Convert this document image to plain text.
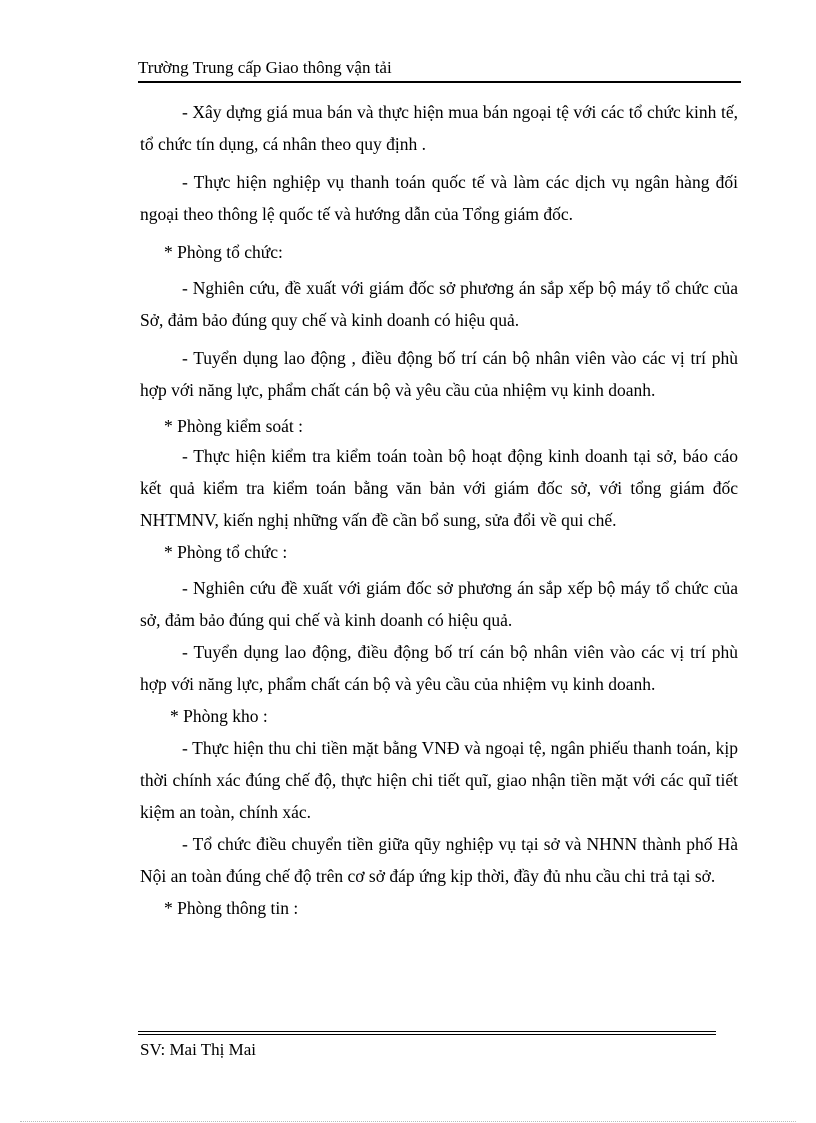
Trường Trung cấp Giao thông vận tải

- Xây dựng giá mua bán và thực hiện mua bán ngoại tệ với các tổ chức kinh tế, tổ chức tín dụng, cá nhân theo quy định .

- Thực hiện nghiệp vụ thanh toán quốc tế và làm các dịch vụ ngân hàng đối ngoại theo thông lệ quốc tế và hướng dẫn của Tổng giám đốc.

* Phòng tổ chức:

- Nghiên cứu, đề xuất với giám đốc sở phương án sắp xếp bộ máy tổ chức của Sở, đảm bảo đúng quy chế và kinh doanh có hiệu quả.

- Tuyển dụng lao động , điều động bố trí cán bộ nhân viên vào các vị trí phù hợp với năng lực, phẩm chất cán bộ và yêu cầu của nhiệm vụ kinh doanh.

* Phòng kiểm soát :

- Thực hiện kiểm tra kiểm toán toàn bộ hoạt động kinh doanh tại sở, báo cáo kết quả kiểm tra kiểm toán bằng văn bản với giám đốc sở, với tổng giám đốc NHTMNV, kiến nghị những vấn đề cần bổ sung, sửa đổi về qui chế.

* Phòng tổ chức :

- Nghiên cứu đề xuất với giám đốc sở phương án sắp xếp bộ máy tổ chức của sở, đảm bảo đúng qui chế và kinh doanh có hiệu quả.

- Tuyển dụng lao động, điều động bố trí cán bộ nhân viên vào các vị trí phù hợp với năng lực, phẩm chất cán bộ và yêu cầu của nhiệm vụ kinh doanh.

* Phòng kho :

- Thực hiện thu chi tiền mặt bằng VNĐ và ngoại tệ, ngân phiếu thanh toán, kịp thời chính xác đúng chế độ, thực hiện chi tiết quĩ, giao nhận tiền mặt với các quĩ tiết kiệm an toàn, chính xác.

- Tổ chức điều chuyển tiền giữa qũy nghiệp vụ tại sở và NHNN thành phố Hà Nội an toàn đúng chế độ trên cơ sở đáp ứng kịp thời, đầy đủ nhu cầu chi trả tại sở.

* Phòng thông tin :

SV: Mai Thị Mai
